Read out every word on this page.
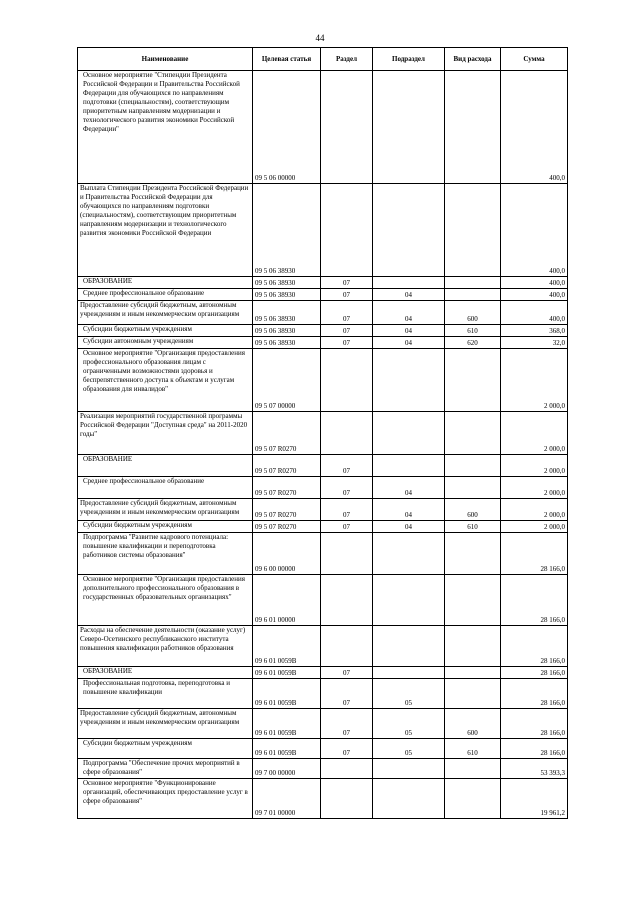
44
Наименование	Целевая статья	Раздел	Подраздел	Вид расхода	Сумма
Основное мероприятие "Стипендии Президента Российской Федерации и Правительства Российской Федерации для обучающихся по направлениям подготовки (специальностям), соответствующим приоритетным направлениям модернизации и технологического развития экономики Российской Федерации"	09 5 06 00000				400,0
Выплата Стипендии Президента Российской Федерации и Правительства Российской Федерации для обучающихся по направлениям подготовки (специальностям), соответствующим приоритетным направлениям модернизации и технологического развития экономики Российской Федерации	09 5 06 38930				400,0
ОБРАЗОВАНИЕ	09 5 06 38930	07			400,0
Среднее профессиональное образование	09 5 06 38930	07	04		400,0
Предоставление субсидий бюджетным, автономным учреждениям и иным некоммерческим организациям	09 5 06 38930	07	04	600	400,0
Субсидии бюджетным учреждениям	09 5 06 38930	07	04	610	368,0
Субсидии автономным учреждениям	09 5 06 38930	07	04	620	32,0
Основное мероприятие "Организация предоставления профессионального образования лицам с ограниченными возможностями здоровья и беспрепятственного доступа к объектам и услугам образования для инвалидов"	09 5 07 00000				2 000,0
Реализация мероприятий государственной программы Российской Федерации "Доступная среда" на 2011-2020 годы"	09 5 07 R0270				2 000,0
ОБРАЗОВАНИЕ	09 5 07 R0270	07			2 000,0
Среднее профессиональное образование	09 5 07 R0270	07	04		2 000,0
Предоставление субсидий бюджетным, автономным учреждениям и иным некоммерческим организациям	09 5 07 R0270	07	04	600	2 000,0
Субсидии бюджетным учреждениям	09 5 07 R0270	07	04	610	2 000,0
Подпрограмма "Развитие кадрового потенциала: повышение квалификации и переподготовка работников системы образования"	09 6 00 00000				28 166,0
Основное мероприятие "Организация предоставления дополнительного профессионального образования в государственных образовательных организациях"	09 6 01 00000				28 166,0
Расходы на обеспечение деятельности (оказание услуг) Северо-Осетинского республиканского института повышения квалификации работников образования	09 6 01 0059В				28 166,0
ОБРАЗОВАНИЕ	09 6 01 0059В	07			28 166,0
Профессиональная подготовка, переподготовка и повышение квалификации	09 6 01 0059В	07	05		28 166,0
Предоставление субсидий бюджетным, автономным учреждениям и иным некоммерческим организациям	09 6 01 0059В	07	05	600	28 166,0
Субсидии бюджетным учреждениям	09 6 01 0059В	07	05	610	28 166,0
Подпрограмма "Обеспечение прочих мероприятий в сфере образования"	09 7 00 00000				53 393,3
Основное мероприятие "Функционирование организаций, обеспечивающих предоставление услуг в сфере образования"	09 7 01 00000				19 961,2
